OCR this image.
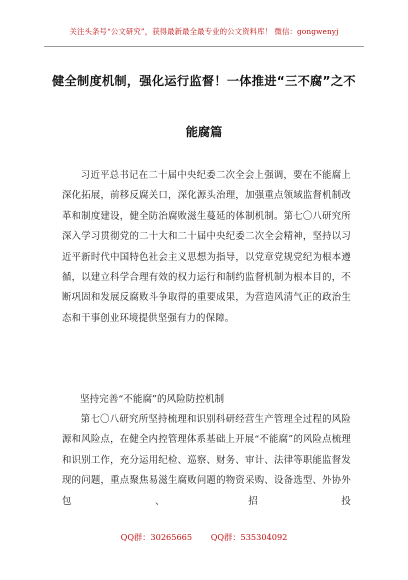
关注头条号“公文研究”，获得最新最全最专业的公文资料库！ 微信：gongwenyj
健全制度机制，强化运行监督！一体推进“三不腐”之不
能腐篇

习近平总书记在二十届中央纪委二次全会上强调，要在不能腐上深化拓展，前移反腐关口，深化源头治理，加强重点领域监督机制改革和制度建设，健全防治腐败滋生蔓延的体制机制。第七〇八研究所深入学习贯彻党的二十大和二十届中央纪委二次全会精神，坚持以习近平新时代中国特色社会主义思想为指导，以党章党规党纪为根本遵循，以建立科学合理有效的权力运行和制约监督机制为根本目的，不断巩固和发展反腐败斗争取得的重要成果，为营造风清气正的政治生态和干事创业环境提供坚强有力的保障。

坚持完善“不能腐”的风险防控机制

第七〇八研究所坚持梳理和识别科研经营生产管理全过程的风险源和风险点，在健全内控管理体系基础上开展“不能腐”的风险点梳理和识别工作，充分运用纪检、巡察、财务、审计、法律等职能监督发现的问题，重点聚焦易滋生腐败问题的物资采购、设备选型、外协外包、招投

QQ群：30265665 QQ群：535304092
